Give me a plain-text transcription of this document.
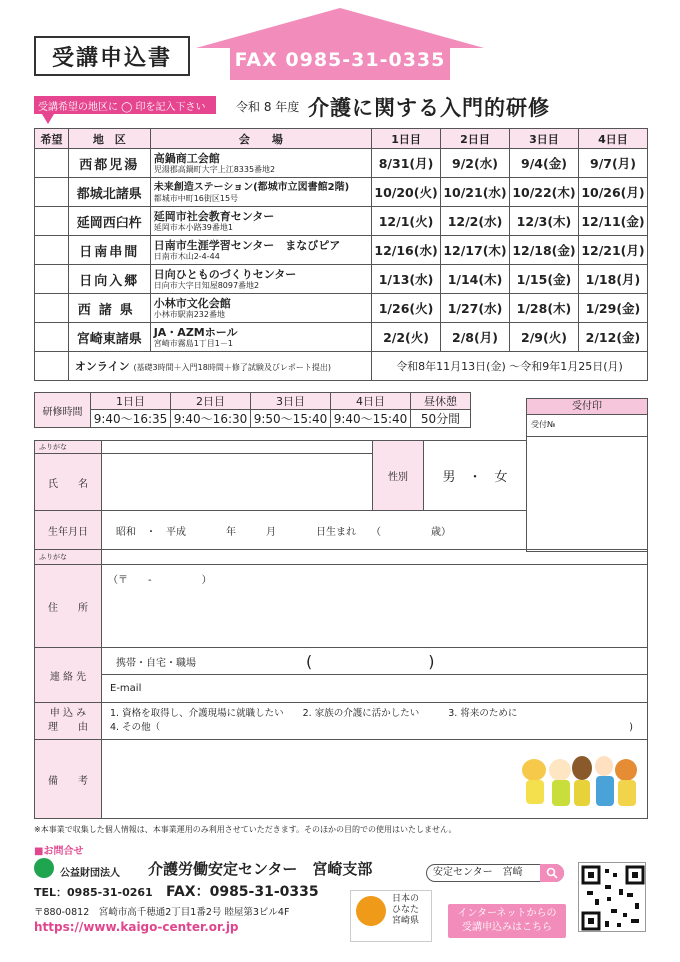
受講申込書	FAX 0985-31-0335
受講希望の地区に ◯ 印を記入下さい	令和 8 年度 介護に関する入門的研修
希望	地　区	会　　場	1日目	2日目	3日目	4日目
	西都児湯	高鍋商工会館
児湯郡高鍋町大字上江8335番地2	8/31(月)	9/2(水)	9/4(金)	9/7(月)
	都城北諸県	未来創造ステーション(都城市立図書館2階)
都城市中町16街区15号	10/20(火)	10/21(水)	10/22(木)	10/26(月)
	延岡西臼杵	延岡市社会教育センター
延岡市本小路39番地1	12/1(火)	12/2(水)	12/3(木)	12/11(金)
	日南串間	日南市生涯学習センター　まなびピア
日南市木山2-4-44	12/16(水)	12/17(木)	12/18(金)	12/21(月)
	日向入郷	日向ひとものづくりセンター
日向市大字日知屋8097番地2	1/13(水)	1/14(木)	1/15(金)	1/18(月)
	西諸県	小林市文化会館
小林市駅南232番地	1/26(火)	1/27(水)	1/28(木)	1/29(金)
	宮崎東諸県	JA・AZMホール
宮崎市霧島1丁目1－1	2/2(火)	2/8(月)	2/9(火)	2/12(金)
	オンライン (基礎3時間＋入門18時間＋修了試験及びレポート提出)		令和8年11月13日(金) 〜令和9年1月25日(月)			
研修時間	1日目	2日目	3日目	4日目	昼休憩
	9:40〜16:35	9:40〜16:30	9:50〜15:40	9:40〜15:40	50分間
受付印
受付№
ふりがな
氏　　名
性別	男　・　女
生年月日	昭和　・　平成　　　　年　　　月　　　　日生まれ　　（　　　　　歳）
ふりがな
住　　所
（〒　　-　　　　　）
連 絡 先
携帯・自宅・職場	(	)
E-mail
申 込 み
理　　由
1. 資格を取得し、介護現場に就職したい 2. 家族の介護に活かしたい	3. 将来のために
4. その他（	)
備　　考
※本事業で収集した個人情報は、本事業運用のみ利用させていただきます。そのほかの目的での使用はいたしません。
■お問合せ
公益財団法人 介護労働安定センター　宮崎支部
TEL：0985-31-0261 FAX：0985-31-0335
〒880-0812　宮崎市高千穂通2丁目1番2号 睦屋第3ビル4F
https://www.kaigo-center.or.jp
安定センター　宮崎
日本の ひなた 宮崎県
インターネットからの
受講申込みはこちら
